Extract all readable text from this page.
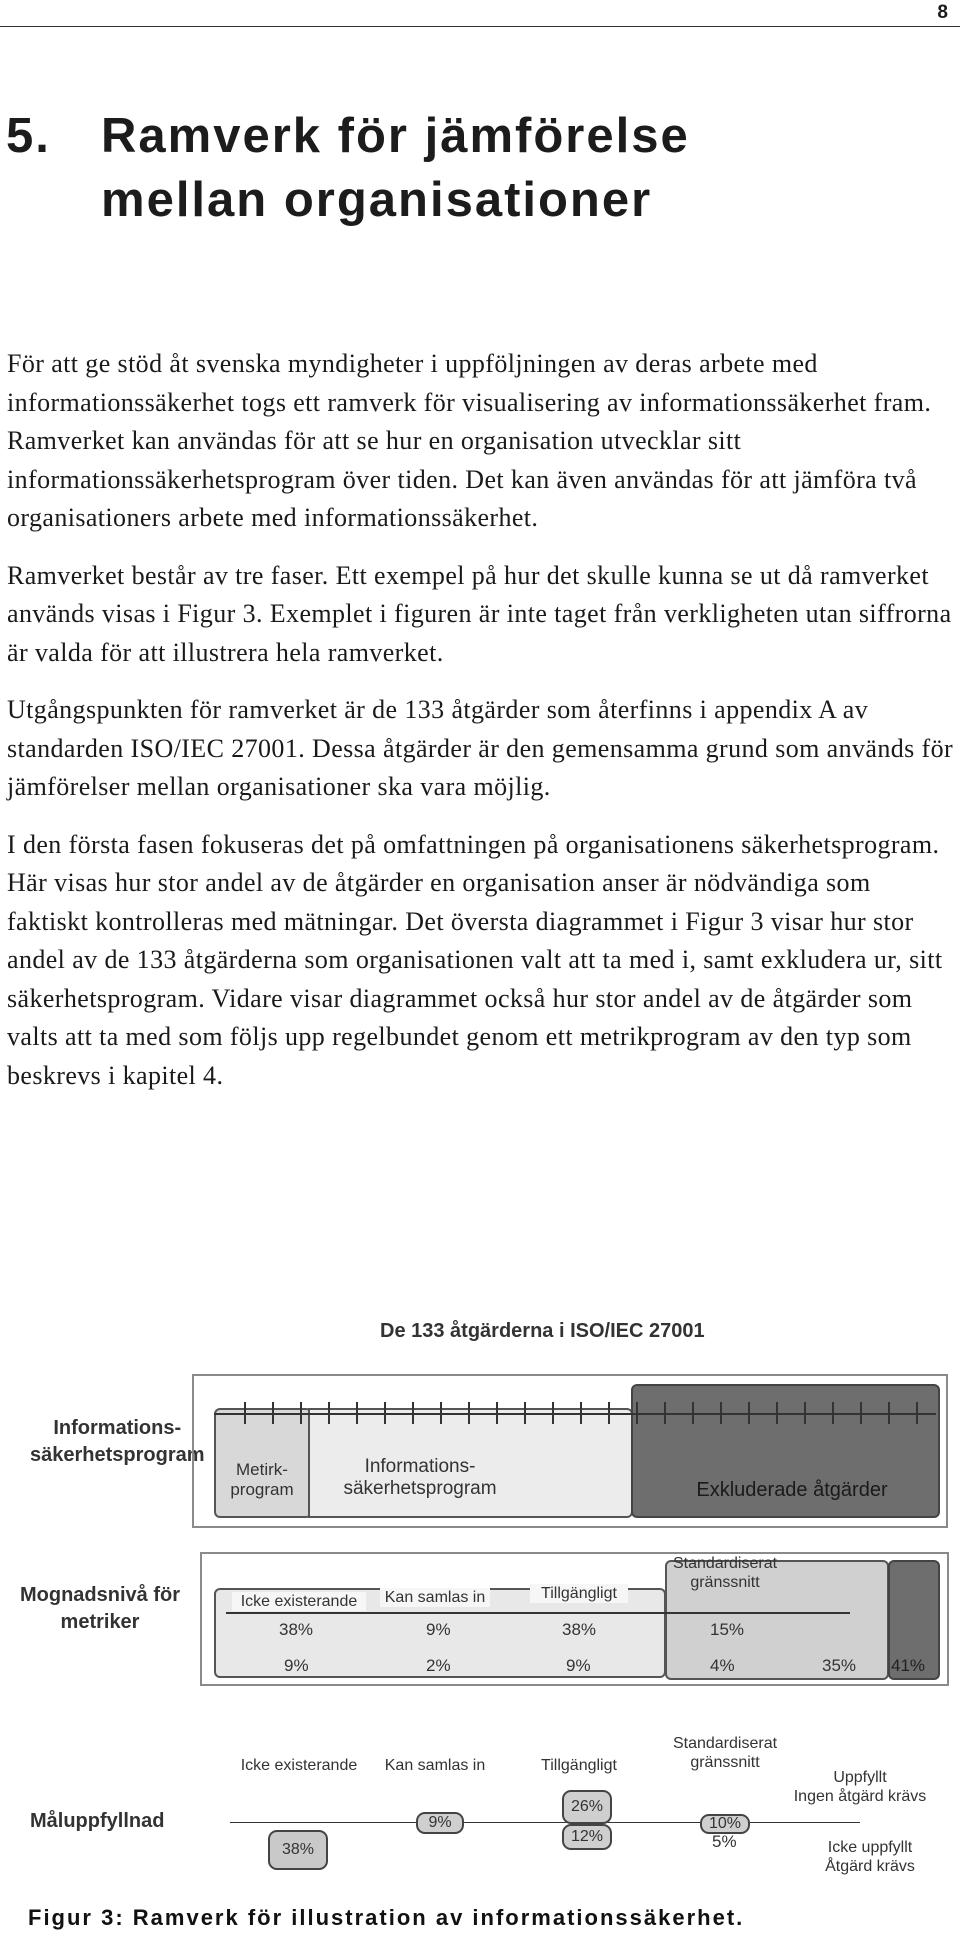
8
5. Ramverk för jämförelse
mellan organisationer

För att ge stöd åt svenska myndigheter i uppföljningen av deras arbete med informationssäkerhet togs ett ramverk för visualisering av informationssäkerhet fram. Ramverket kan användas för att se hur en organisation utvecklar sitt informationssäkerhetsprogram över tiden. Det kan även användas för att jämföra två organisationers arbete med informationssäkerhet.

Ramverket består av tre faser. Ett exempel på hur det skulle kunna se ut då ramverket används visas i Figur 3. Exemplet i figuren är inte taget från verkligheten utan siffrorna är valda för att illustrera hela ramverket.

Utgångspunkten för ramverket är de 133 åtgärder som återfinns i appendix A av standarden ISO/IEC 27001. Dessa åtgärder är den gemensamma grund som används för jämförelser mellan organisationer ska vara möjlig.

I den första fasen fokuseras det på omfattningen på organisationens säkerhetsprogram. Här visas hur stor andel av de åtgärder en organisation anser är nödvändiga som faktiskt kontrolleras med mätningar. Det översta diagrammet i Figur 3 visar hur stor andel av de 133 åtgärderna som organisationen valt att ta med i, samt exkludera ur, sitt säkerhetsprogram. Vidare visar diagrammet också hur stor andel av de åtgärder som valts att ta med som följs upp regelbundet genom ett metrikprogram av den typ som beskrevs i kapitel 4.

De 133 åtgärderna i ISO/IEC 27001
Informations-
säkerhetsprogram
Metirk-
program
Informations-
säkerhetsprogram	Exkluderade åtgärder
Mognadsnivå för
metriker
Icke existerande	Kan samlas in	Tillgängligt
Standardiserat
gränssnitt
38%	9%	38%	15%
9%	2%	9%	4%	35% 41%
Måluppfyllnad
Icke existerande	Kan samlas in	Tillgängligt
Standardiserat
gränssnitt
Uppfyllt
Ingen åtgärd krävs
Icke uppfyllt
Åtgärd krävs
38%
9%
26%
12%
10%
5%
Figur 3: Ramverk för illustration av informationssäkerhet.
